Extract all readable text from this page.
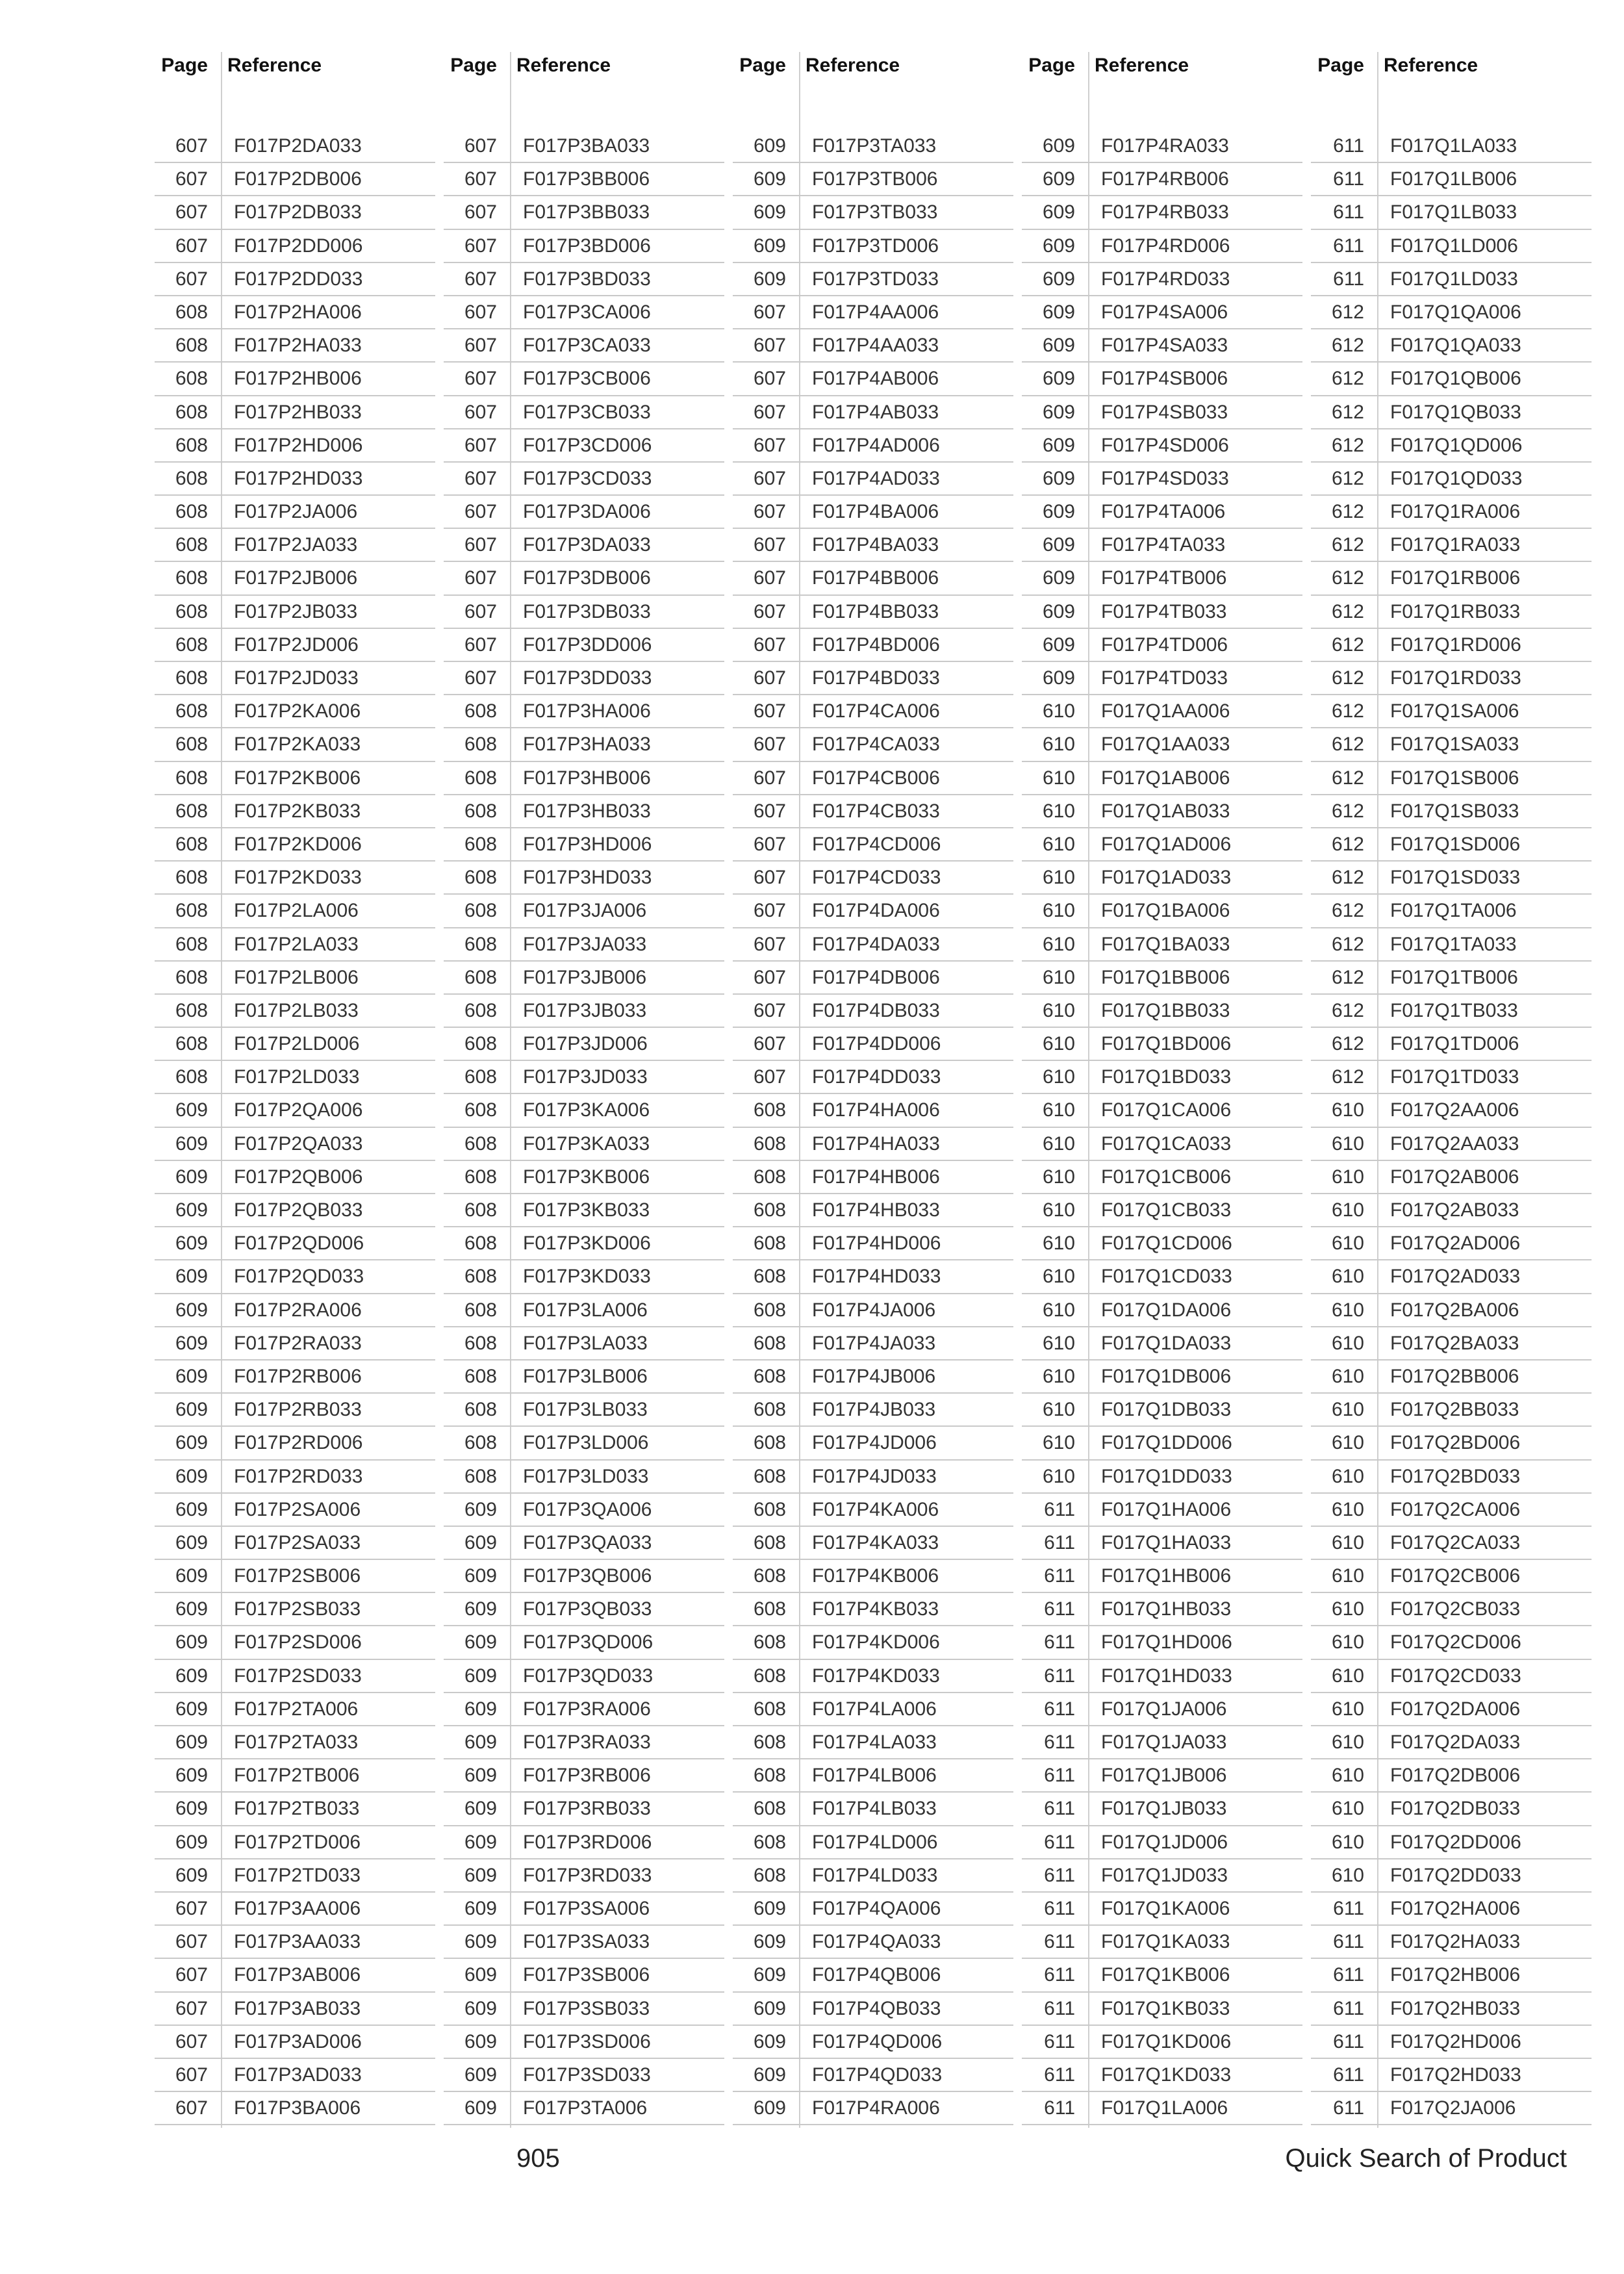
Page Reference
607 F017P2DA033
607 F017P2DB006
607 F017P2DB033
607 F017P2DD006
607 F017P2DD033
608 F017P2HA006
608 F017P2HA033
608 F017P2HB006
608 F017P2HB033
608 F017P2HD006
608 F017P2HD033
608 F017P2JA006
608 F017P2JA033
608 F017P2JB006
608 F017P2JB033
608 F017P2JD006
608 F017P2JD033
608 F017P2KA006
608 F017P2KA033
608 F017P2KB006
608 F017P2KB033
608 F017P2KD006
608 F017P2KD033
608 F017P2LA006
608 F017P2LA033
608 F017P2LB006
608 F017P2LB033
608 F017P2LD006
608 F017P2LD033
609 F017P2QA006
609 F017P2QA033
609 F017P2QB006
609 F017P2QB033
609 F017P2QD006
609 F017P2QD033
609 F017P2RA006
609 F017P2RA033
609 F017P2RB006
609 F017P2RB033
609 F017P2RD006
609 F017P2RD033
609 F017P2SA006
609 F017P2SA033
609 F017P2SB006
609 F017P2SB033
609 F017P2SD006
609 F017P2SD033
609 F017P2TA006
609 F017P2TA033
609 F017P2TB006
609 F017P2TB033
609 F017P2TD006
609 F017P2TD033
607 F017P3AA006
607 F017P3AA033
607 F017P3AB006
607 F017P3AB033
607 F017P3AD006
607 F017P3AD033
607 F017P3BA006
Page Reference
607 F017P3BA033
607 F017P3BB006
607 F017P3BB033
607 F017P3BD006
607 F017P3BD033
607 F017P3CA006
607 F017P3CA033
607 F017P3CB006
607 F017P3CB033
607 F017P3CD006
607 F017P3CD033
607 F017P3DA006
607 F017P3DA033
607 F017P3DB006
607 F017P3DB033
607 F017P3DD006
607 F017P3DD033
608 F017P3HA006
608 F017P3HA033
608 F017P3HB006
608 F017P3HB033
608 F017P3HD006
608 F017P3HD033
608 F017P3JA006
608 F017P3JA033
608 F017P3JB006
608 F017P3JB033
608 F017P3JD006
608 F017P3JD033
608 F017P3KA006
608 F017P3KA033
608 F017P3KB006
608 F017P3KB033
608 F017P3KD006
608 F017P3KD033
608 F017P3LA006
608 F017P3LA033
608 F017P3LB006
608 F017P3LB033
608 F017P3LD006
608 F017P3LD033
609 F017P3QA006
609 F017P3QA033
609 F017P3QB006
609 F017P3QB033
609 F017P3QD006
609 F017P3QD033
609 F017P3RA006
609 F017P3RA033
609 F017P3RB006
609 F017P3RB033
609 F017P3RD006
609 F017P3RD033
609 F017P3SA006
609 F017P3SA033
609 F017P3SB006
609 F017P3SB033
609 F017P3SD006
609 F017P3SD033
609 F017P3TA006
Page Reference
609 F017P3TA033
609 F017P3TB006
609 F017P3TB033
609 F017P3TD006
609 F017P3TD033
607 F017P4AA006
607 F017P4AA033
607 F017P4AB006
607 F017P4AB033
607 F017P4AD006
607 F017P4AD033
607 F017P4BA006
607 F017P4BA033
607 F017P4BB006
607 F017P4BB033
607 F017P4BD006
607 F017P4BD033
607 F017P4CA006
607 F017P4CA033
607 F017P4CB006
607 F017P4CB033
607 F017P4CD006
607 F017P4CD033
607 F017P4DA006
607 F017P4DA033
607 F017P4DB006
607 F017P4DB033
607 F017P4DD006
607 F017P4DD033
608 F017P4HA006
608 F017P4HA033
608 F017P4HB006
608 F017P4HB033
608 F017P4HD006
608 F017P4HD033
608 F017P4JA006
608 F017P4JA033
608 F017P4JB006
608 F017P4JB033
608 F017P4JD006
608 F017P4JD033
608 F017P4KA006
608 F017P4KA033
608 F017P4KB006
608 F017P4KB033
608 F017P4KD006
608 F017P4KD033
608 F017P4LA006
608 F017P4LA033
608 F017P4LB006
608 F017P4LB033
608 F017P4LD006
608 F017P4LD033
609 F017P4QA006
609 F017P4QA033
609 F017P4QB006
609 F017P4QB033
609 F017P4QD006
609 F017P4QD033
609 F017P4RA006
Page Reference
609 F017P4RA033
609 F017P4RB006
609 F017P4RB033
609 F017P4RD006
609 F017P4RD033
609 F017P4SA006
609 F017P4SA033
609 F017P4SB006
609 F017P4SB033
609 F017P4SD006
609 F017P4SD033
609 F017P4TA006
609 F017P4TA033
609 F017P4TB006
609 F017P4TB033
609 F017P4TD006
609 F017P4TD033
610 F017Q1AA006
610 F017Q1AA033
610 F017Q1AB006
610 F017Q1AB033
610 F017Q1AD006
610 F017Q1AD033
610 F017Q1BA006
610 F017Q1BA033
610 F017Q1BB006
610 F017Q1BB033
610 F017Q1BD006
610 F017Q1BD033
610 F017Q1CA006
610 F017Q1CA033
610 F017Q1CB006
610 F017Q1CB033
610 F017Q1CD006
610 F017Q1CD033
610 F017Q1DA006
610 F017Q1DA033
610 F017Q1DB006
610 F017Q1DB033
610 F017Q1DD006
610 F017Q1DD033
611 F017Q1HA006
611 F017Q1HA033
611 F017Q1HB006
611 F017Q1HB033
611 F017Q1HD006
611 F017Q1HD033
611 F017Q1JA006
611 F017Q1JA033
611 F017Q1JB006
611 F017Q1JB033
611 F017Q1JD006
611 F017Q1JD033
611 F017Q1KA006
611 F017Q1KA033
611 F017Q1KB006
611 F017Q1KB033
611 F017Q1KD006
611 F017Q1KD033
611 F017Q1LA006
Page Reference
611 F017Q1LA033
611 F017Q1LB006
611 F017Q1LB033
611 F017Q1LD006
611 F017Q1LD033
612 F017Q1QA006
612 F017Q1QA033
612 F017Q1QB006
612 F017Q1QB033
612 F017Q1QD006
612 F017Q1QD033
612 F017Q1RA006
612 F017Q1RA033
612 F017Q1RB006
612 F017Q1RB033
612 F017Q1RD006
612 F017Q1RD033
612 F017Q1SA006
612 F017Q1SA033
612 F017Q1SB006
612 F017Q1SB033
612 F017Q1SD006
612 F017Q1SD033
612 F017Q1TA006
612 F017Q1TA033
612 F017Q1TB006
612 F017Q1TB033
612 F017Q1TD006
612 F017Q1TD033
610 F017Q2AA006
610 F017Q2AA033
610 F017Q2AB006
610 F017Q2AB033
610 F017Q2AD006
610 F017Q2AD033
610 F017Q2BA006
610 F017Q2BA033
610 F017Q2BB006
610 F017Q2BB033
610 F017Q2BD006
610 F017Q2BD033
610 F017Q2CA006
610 F017Q2CA033
610 F017Q2CB006
610 F017Q2CB033
610 F017Q2CD006
610 F017Q2CD033
610 F017Q2DA006
610 F017Q2DA033
610 F017Q2DB006
610 F017Q2DB033
610 F017Q2DD006
610 F017Q2DD033
611 F017Q2HA006
611 F017Q2HA033
611 F017Q2HB006
611 F017Q2HB033
611 F017Q2HD006
611 F017Q2HD033
611 F017Q2JA006
905	Quick Search of Product
